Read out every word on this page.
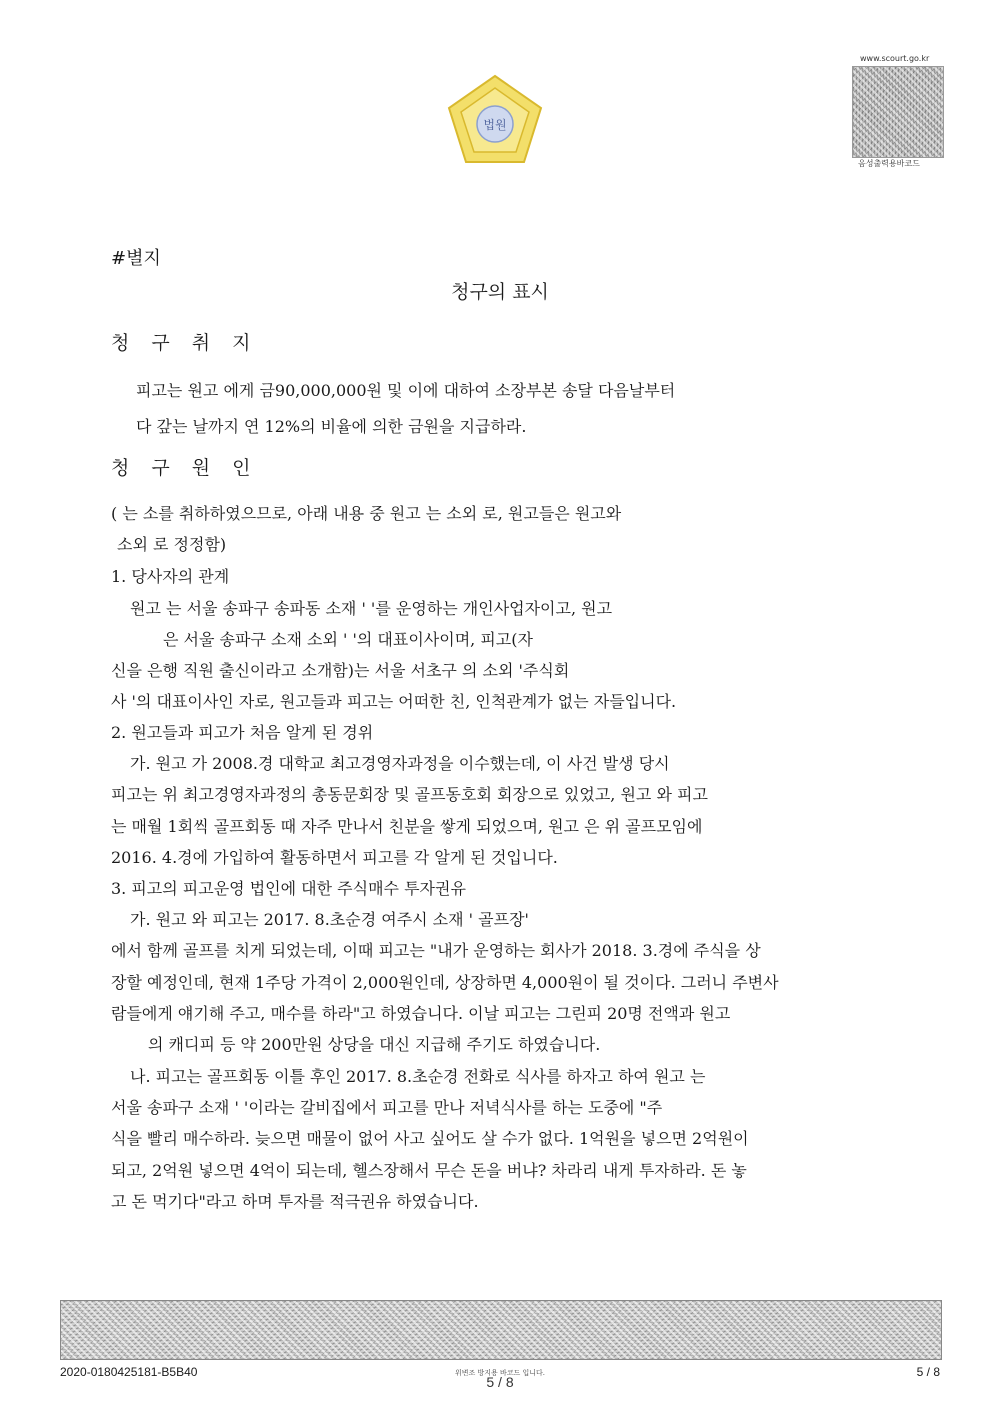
법원
www.scourt.go.kr
음성출력용바코드
#별지
청구의 표시
청 구 취 지
피고는 원고 에게 금90,000,000원 및 이에 대하여 소장부본 송달 다음날부터
다 갚는 날까지 연 12%의 비율에 의한 금원을 지급하라.
청 구 원 인
( 는 소를 취하하였으므로, 아래 내용 중 원고 는 소외 로, 원고들은 원고와
소외 로 정정함)
1. 당사자의 관계
원고 는 서울 송파구 송파동 소재 ' '를 운영하는 개인사업자이고, 원고
은 서울 송파구 소재 소외 ' '의 대표이사이며, 피고(자
신을 은행 직원 출신이라고 소개함)는 서울 서초구 의 소외 '주식회
사 '의 대표이사인 자로, 원고들과 피고는 어떠한 친, 인척관계가 없는 자들입니다.
2. 원고들과 피고가 처음 알게 된 경위
가. 원고 가 2008.경 대학교 최고경영자과정을 이수했는데, 이 사건 발생 당시
피고는 위 최고경영자과정의 총동문회장 및 골프동호회 회장으로 있었고, 원고 와 피고
는 매월 1회씩 골프회동 때 자주 만나서 친분을 쌓게 되었으며, 원고 은 위 골프모임에
2016. 4.경에 가입하여 활동하면서 피고를 각 알게 된 것입니다.
3. 피고의 피고운영 법인에 대한 주식매수 투자권유
가. 원고 와 피고는 2017. 8.초순경 여주시 소재 ' 골프장'
에서 함께 골프를 치게 되었는데, 이때 피고는 "내가 운영하는 회사가 2018. 3.경에 주식을 상
장할 예정인데, 현재 1주당 가격이 2,000원인데, 상장하면 4,000원이 될 것이다. 그러니 주변사
람들에게 얘기해 주고, 매수를 하라"고 하였습니다. 이날 피고는 그린피 20명 전액과 원고
의 캐디피 등 약 200만원 상당을 대신 지급해 주기도 하였습니다.
나. 피고는 골프회동 이틀 후인 2017. 8.초순경 전화로 식사를 하자고 하여 원고 는
서울 송파구 소재 ' '이라는 갈비집에서 피고를 만나 저녁식사를 하는 도중에 "주
식을 빨리 매수하라. 늦으면 매물이 없어 사고 싶어도 살 수가 없다. 1억원을 넣으면 2억원이
되고, 2억원 넣으면 4억이 되는데, 헬스장해서 무슨 돈을 버냐? 차라리 내게 투자하라. 돈 놓
고 돈 먹기다"라고 하며 투자를 적극권유 하였습니다.
2020-0180425181-B5B40	위변조 방지용 바코드 입니다.
5 / 8
5 / 8
